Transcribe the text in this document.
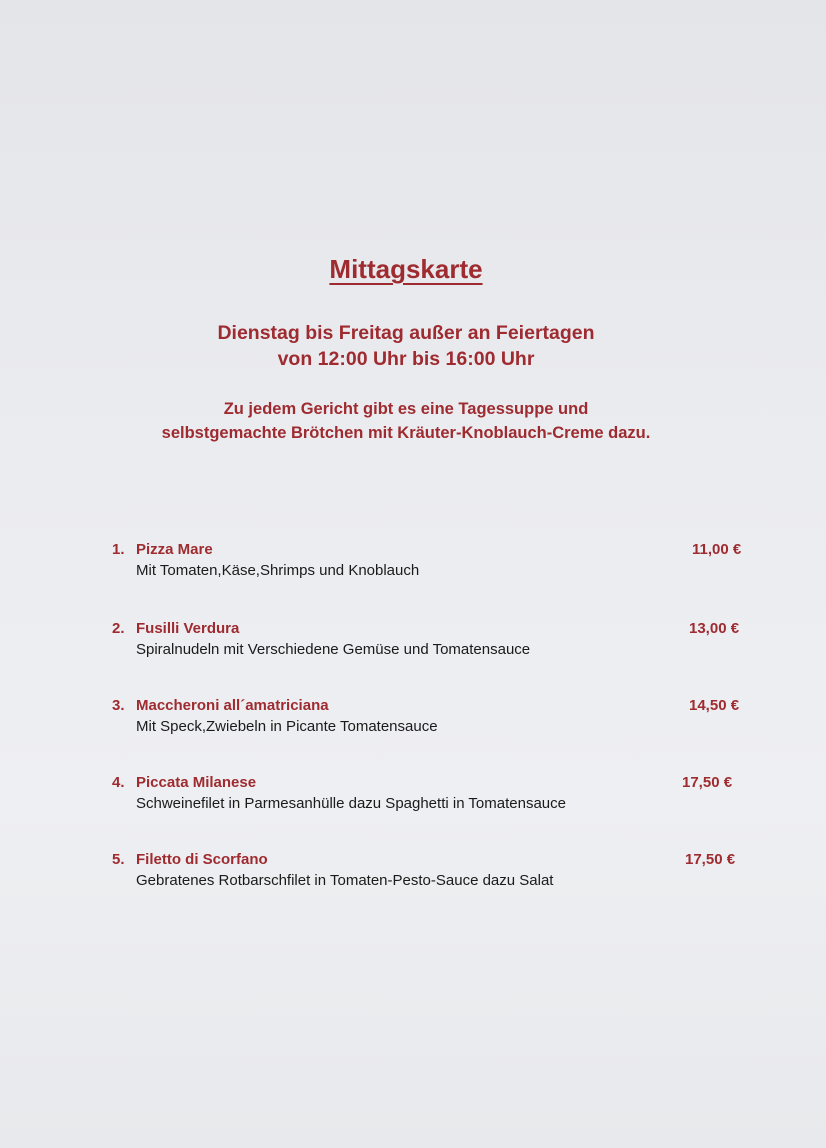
Mittagskarte
Dienstag bis Freitag außer an Feiertagen
von 12:00 Uhr bis 16:00 Uhr
Zu jedem Gericht gibt es eine Tagessuppe und
selbstgemachte Brötchen mit Kräuter-Knoblauch-Creme dazu.
1. Pizza Mare
Mit Tomaten,Käse,Shrimps und Knoblauch
11,00 €
2. Fusilli Verdura
Spiralnudeln mit Verschiedene Gemüse und Tomatensauce
13,00 €
3. Maccheroni all´amatriciana
Mit Speck,Zwiebeln in Picante Tomatensauce
14,50 €
4. Piccata Milanese
Schweinefilet in Parmesanhülle dazu Spaghetti in Tomatensauce
17,50 €
5. Filetto di Scorfano
Gebratenes Rotbarschfilet in Tomaten-Pesto-Sauce dazu Salat
17,50 €
